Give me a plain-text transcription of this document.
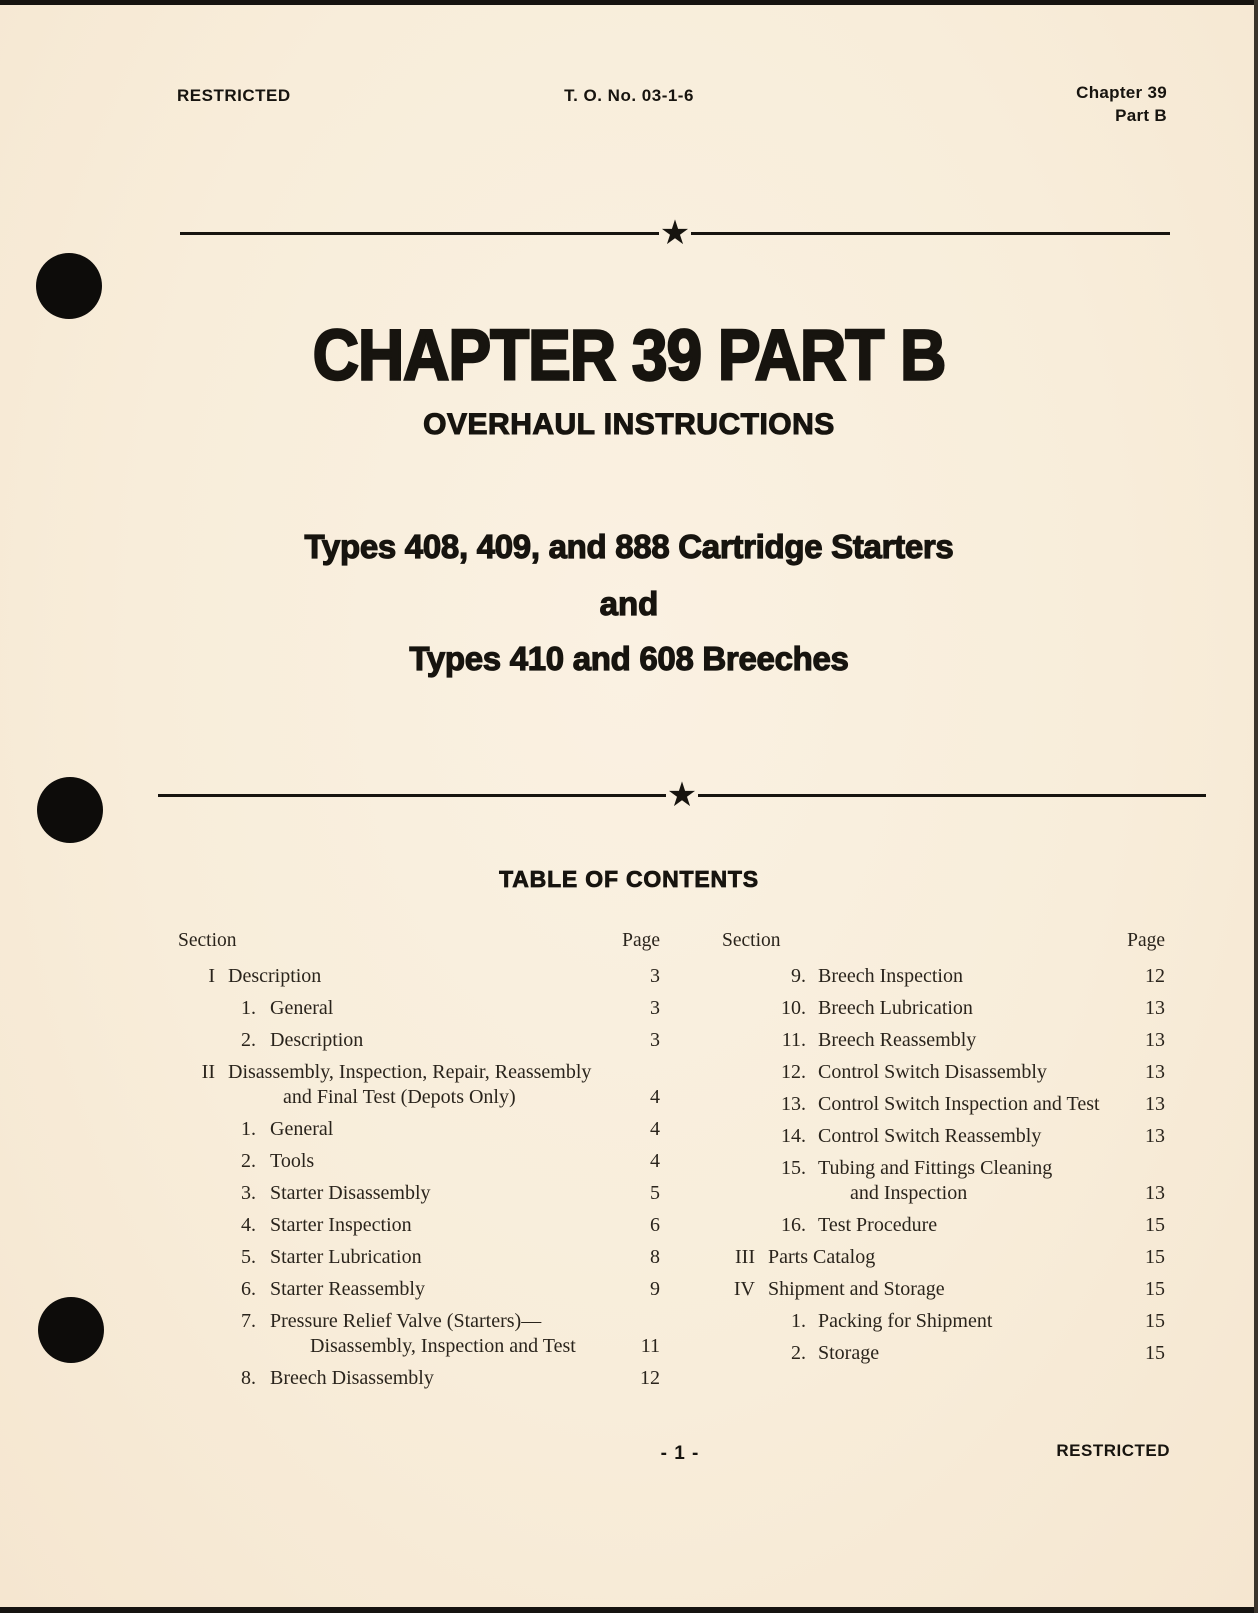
RESTRICTED	T. O. No. 03-1-6	Chapter 39
Part B
★
CHAPTER 39 PART B
OVERHAUL INSTRUCTIONS
Types 408, 409, and 888 Cartridge Starters
and
Types 410 and 608 Breeches
★
TABLE OF CONTENTS
Section	Page
I Description	3
1. General	3
2. Description	3
II Disassembly, Inspection, Repair, Reassembly
and Final Test (Depots Only)	4
1. General	4
2. Tools	4
3. Starter Disassembly	5
4. Starter Inspection	6
5. Starter Lubrication	8
6. Starter Reassembly	9
7. Pressure Relief Valve (Starters)—
Disassembly, Inspection and Test	11
8. Breech Disassembly	12
Section	Page
9. Breech Inspection	12
10. Breech Lubrication	13
11. Breech Reassembly	13
12. Control Switch Disassembly	13
13. Control Switch Inspection and Test	13
14. Control Switch Reassembly	13
15. Tubing and Fittings Cleaning
and Inspection	13
16. Test Procedure	15
III Parts Catalog	15
IV Shipment and Storage	15
1. Packing for Shipment	15
2. Storage	15
- 1 -	RESTRICTED
